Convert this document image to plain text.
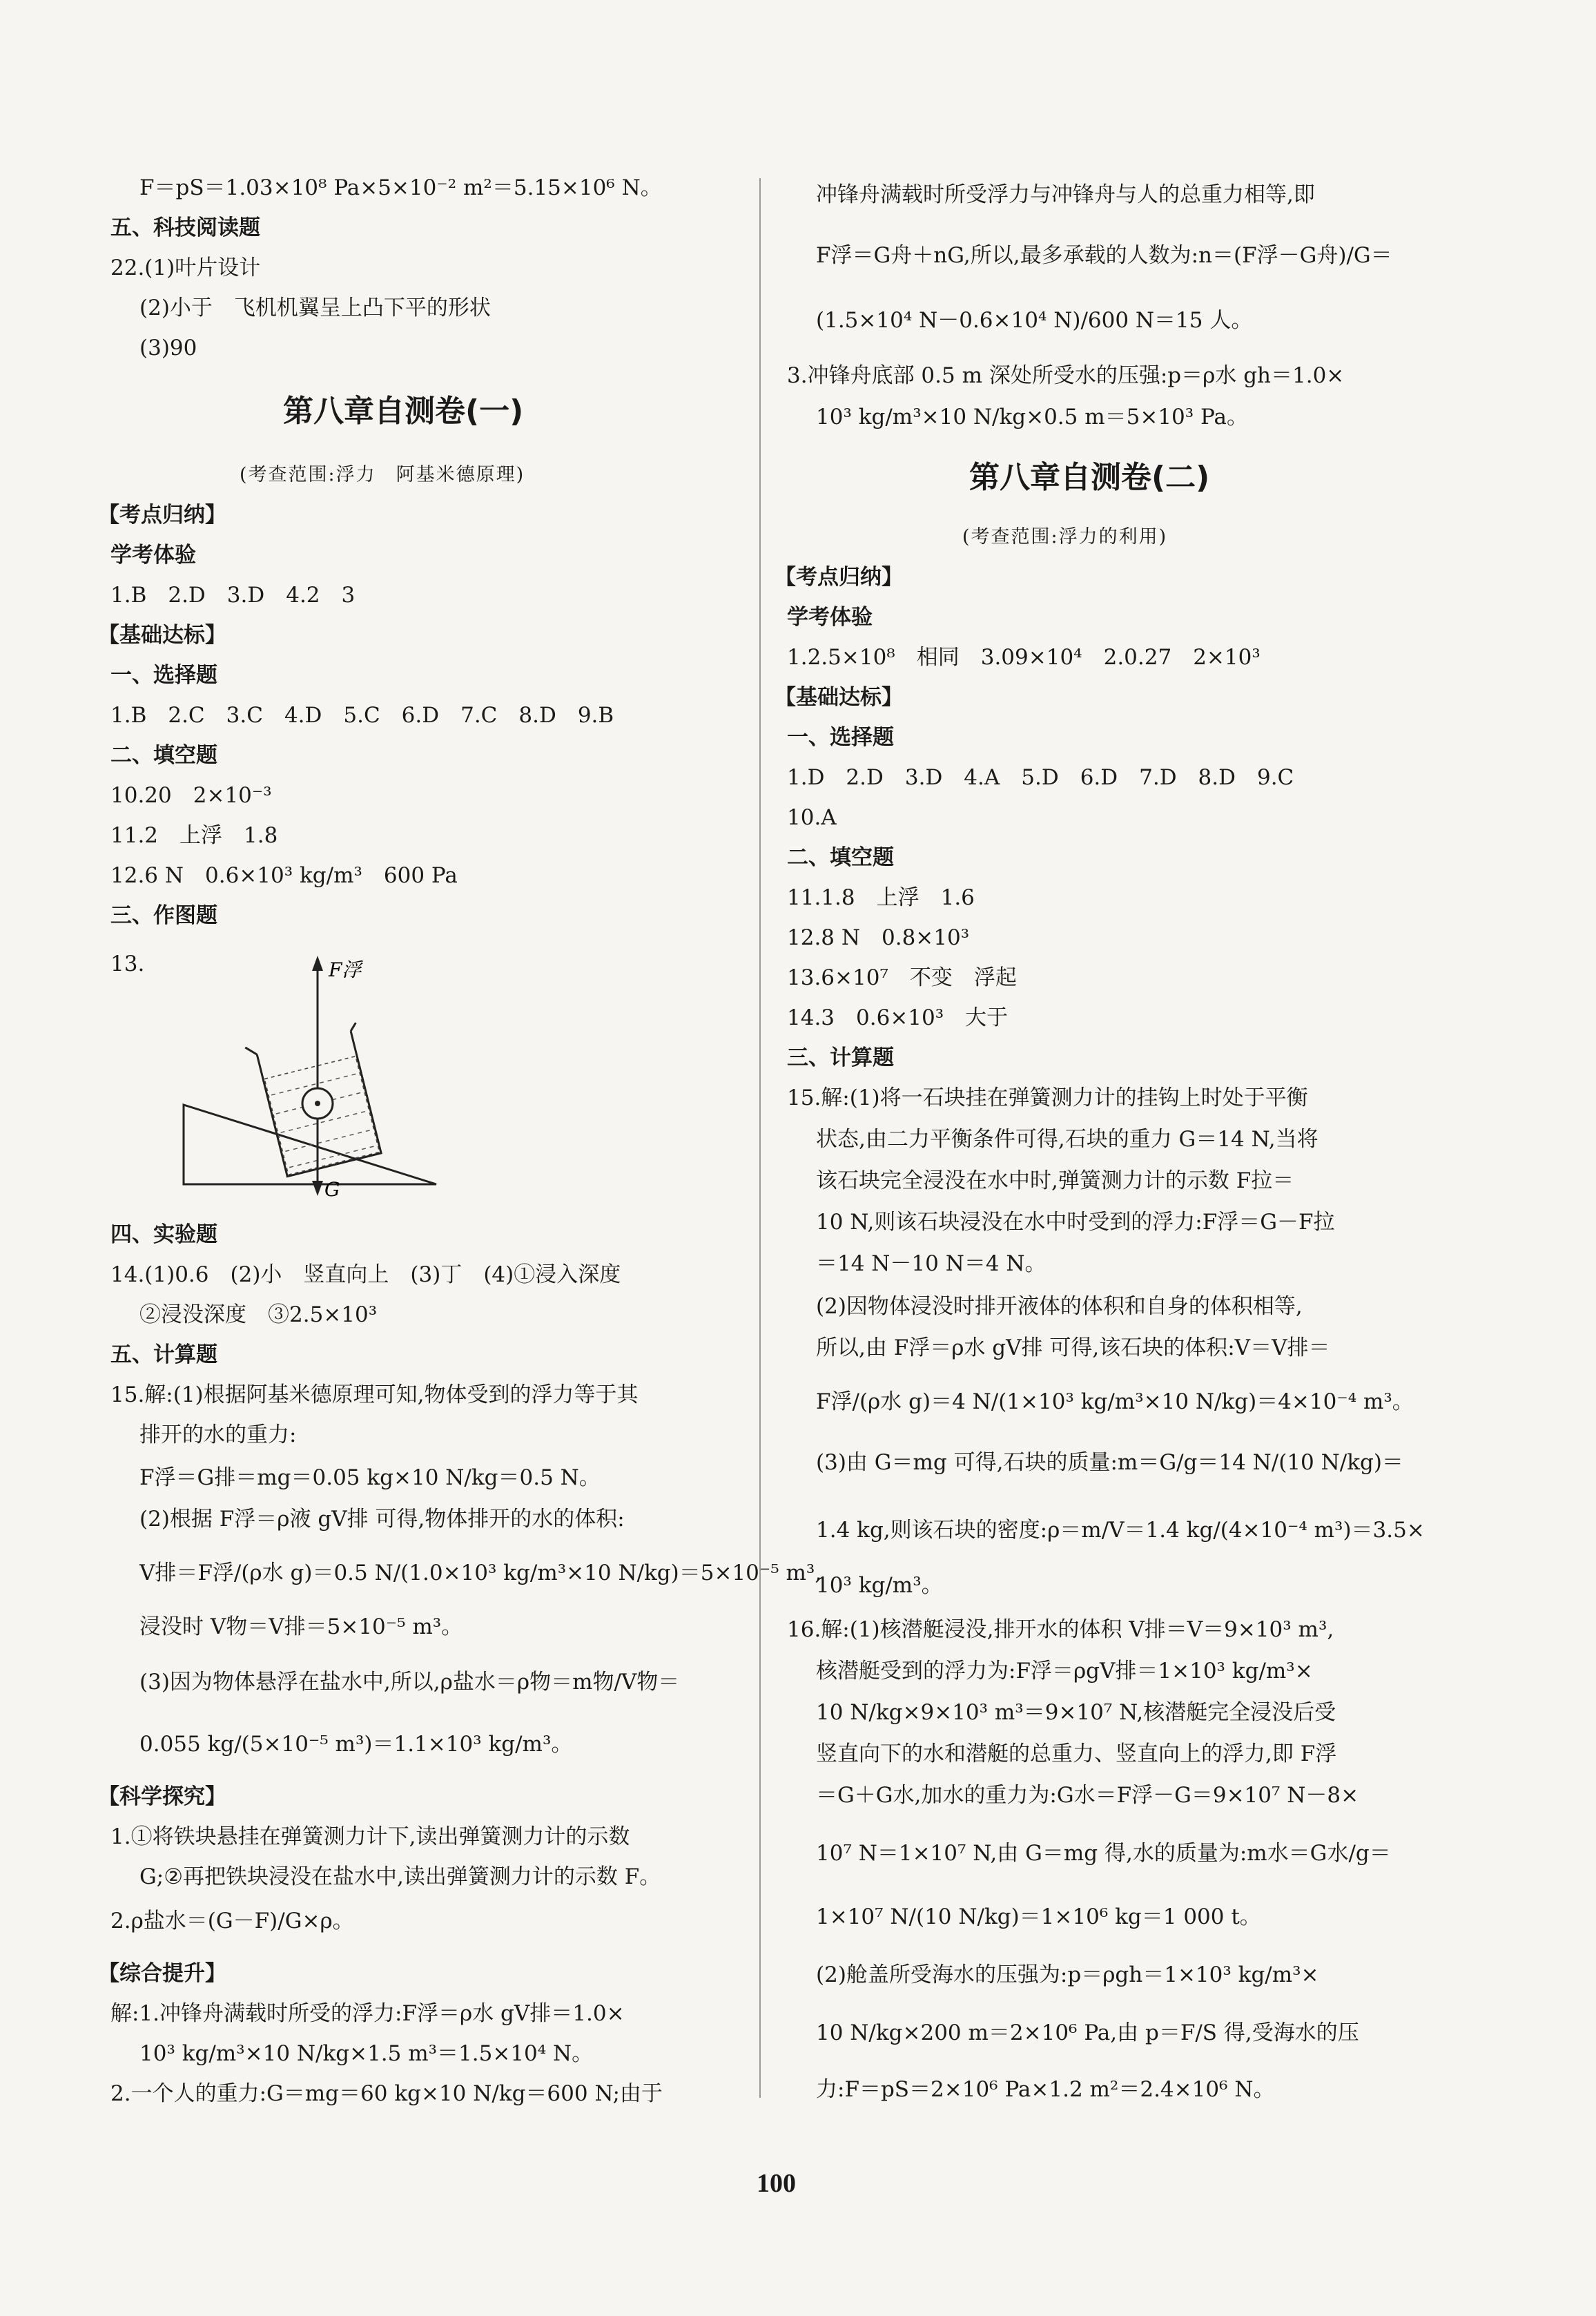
F＝pS＝1.03×10⁸ Pa×5×10⁻² m²＝5.15×10⁶ N。
五、科技阅读题
22.(1)叶片设计
(2)小于　飞机机翼呈上凸下平的形状
(3)90
第八章自测卷(一)
(考查范围:浮力　阿基米德原理)
【考点归纳】
学考体验
1.B　2.D　3.D　4.2　3
【基础达标】
一、选择题
1.B　2.C　3.C　4.D　5.C　6.D　7.C　8.D　9.B
二、填空题
10.20　2×10⁻³
11.2　上浮　1.8
12.6 N　0.6×10³ kg/m³　600 Pa
三、作图题
13.	F浮
G
四、实验题
14.(1)0.6　(2)小　竖直向上　(3)丁　(4)①浸入深度
②浸没深度　③2.5×10³
五、计算题
15.解:(1)根据阿基米德原理可知,物体受到的浮力等于其
排开的水的重力:
F浮＝G排＝mg＝0.05 kg×10 N/kg＝0.5 N。
(2)根据 F浮＝ρ液 gV排 可得,物体排开的水的体积:
V排＝F浮/(ρ水 g)＝0.5 N/(1.0×10³ kg/m³×10 N/kg)＝5×10⁻⁵ m³,
浸没时 V物＝V排＝5×10⁻⁵ m³。
(3)因为物体悬浮在盐水中,所以,ρ盐水＝ρ物＝m物/V物＝
0.055 kg/(5×10⁻⁵ m³)＝1.1×10³ kg/m³。
【科学探究】
1.①将铁块悬挂在弹簧测力计下,读出弹簧测力计的示数
G;②再把铁块浸没在盐水中,读出弹簧测力计的示数 F。
2.ρ盐水＝(G－F)/G×ρ。
【综合提升】
解:1.冲锋舟满载时所受的浮力:F浮＝ρ水 gV排＝1.0×
10³ kg/m³×10 N/kg×1.5 m³＝1.5×10⁴ N。
2.一个人的重力:G＝mg＝60 kg×10 N/kg＝600 N;由于
冲锋舟满载时所受浮力与冲锋舟与人的总重力相等,即
F浮＝G舟＋nG,所以,最多承载的人数为:n＝(F浮－G舟)/G＝
(1.5×10⁴ N－0.6×10⁴ N)/600 N＝15 人。
3.冲锋舟底部 0.5 m 深处所受水的压强:p＝ρ水 gh＝1.0×
10³ kg/m³×10 N/kg×0.5 m＝5×10³ Pa。
第八章自测卷(二)
(考查范围:浮力的利用)
【考点归纳】
学考体验
1.2.5×10⁸　相同　3.09×10⁴　2.0.27　2×10³
【基础达标】
一、选择题
1.D　2.D　3.D　4.A　5.D　6.D　7.D　8.D　9.C
10.A
二、填空题
11.1.8　上浮　1.6
12.8 N　0.8×10³
13.6×10⁷　不变　浮起
14.3　0.6×10³　大于
三、计算题
15.解:(1)将一石块挂在弹簧测力计的挂钩上时处于平衡
状态,由二力平衡条件可得,石块的重力 G＝14 N,当将
该石块完全浸没在水中时,弹簧测力计的示数 F拉＝
10 N,则该石块浸没在水中时受到的浮力:F浮＝G－F拉
＝14 N－10 N＝4 N。
(2)因物体浸没时排开液体的体积和自身的体积相等,
所以,由 F浮＝ρ水 gV排 可得,该石块的体积:V＝V排＝
F浮/(ρ水 g)＝4 N/(1×10³ kg/m³×10 N/kg)＝4×10⁻⁴ m³。
(3)由 G＝mg 可得,石块的质量:m＝G/g＝14 N/(10 N/kg)＝
1.4 kg,则该石块的密度:ρ＝m/V＝1.4 kg/(4×10⁻⁴ m³)＝3.5×
10³ kg/m³。
16.解:(1)核潜艇浸没,排开水的体积 V排＝V＝9×10³ m³,
核潜艇受到的浮力为:F浮＝ρgV排＝1×10³ kg/m³×
10 N/kg×9×10³ m³＝9×10⁷ N,核潜艇完全浸没后受
竖直向下的水和潜艇的总重力、竖直向上的浮力,即 F浮
＝G＋G水,加水的重力为:G水＝F浮－G＝9×10⁷ N－8×
10⁷ N＝1×10⁷ N,由 G＝mg 得,水的质量为:m水＝G水/g＝
1×10⁷ N/(10 N/kg)＝1×10⁶ kg＝1 000 t。
(2)舱盖所受海水的压强为:p＝ρgh＝1×10³ kg/m³×
10 N/kg×200 m＝2×10⁶ Pa,由 p＝F/S 得,受海水的压
力:F＝pS＝2×10⁶ Pa×1.2 m²＝2.4×10⁶ N。
100
